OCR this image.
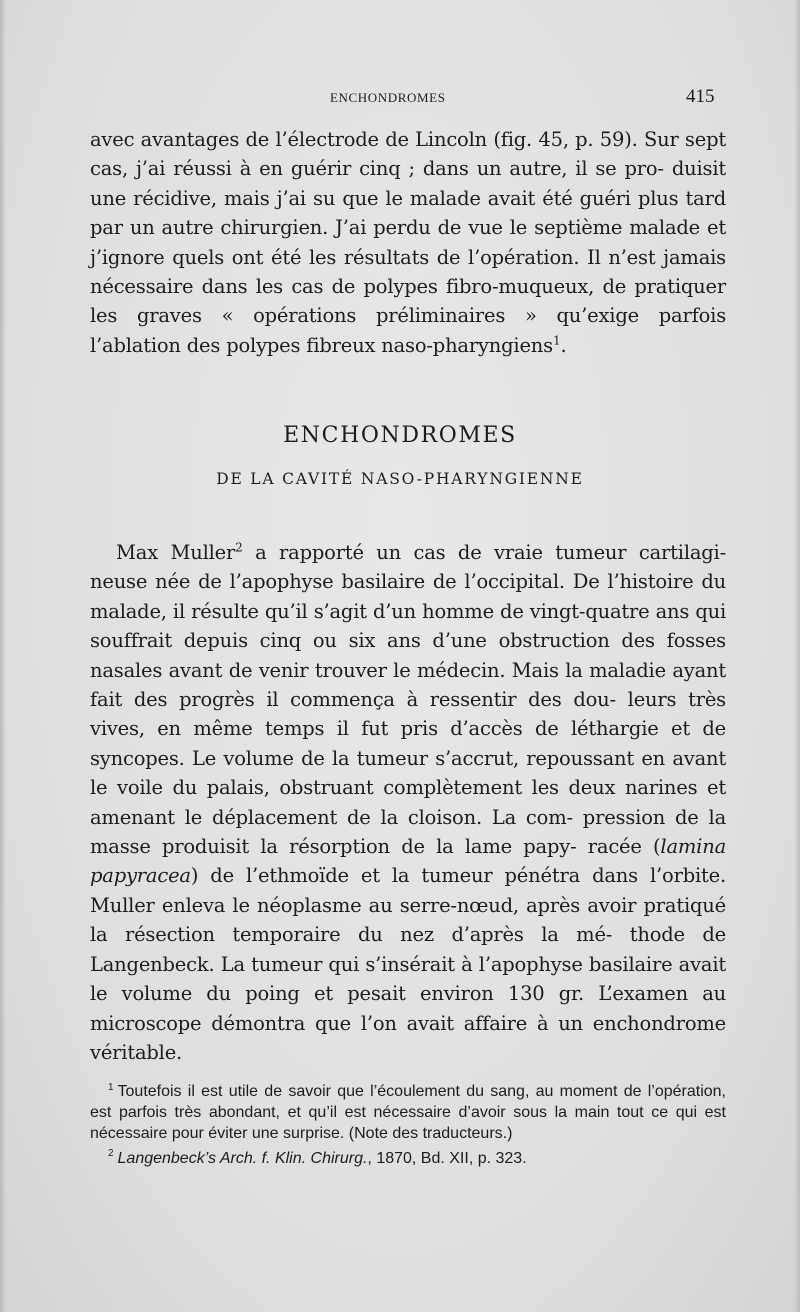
ENCHONDROMES	415

avec avantages de l’électrode de Lincoln (fig. 45, p. 59). Sur sept cas, j’ai réussi à en guérir cinq ; dans un autre, il se pro- duisit une récidive, mais j’ai su que le malade avait été guéri plus tard par un autre chirurgien. J’ai perdu de vue le septième malade et j’ignore quels ont été les résultats de l’opération. Il n’est jamais nécessaire dans les cas de polypes fibro-muqueux, de pratiquer les graves « opérations préliminaires » qu’exige parfois l’ablation des polypes fibreux naso-pharyngiens$^1$.

ENCHONDROMES
DE LA CAVITÉ NASO-PHARYNGIENNE

Max Muller$^2$ a rapporté un cas de vraie tumeur cartilagi- neuse née de l’apophyse basilaire de l’occipital. De l’histoire du malade, il résulte qu’il s’agit d’un homme de vingt-quatre ans qui souffrait depuis cinq ou six ans d’une obstruction des fosses nasales avant de venir trouver le médecin. Mais la maladie ayant fait des progrès il commença à ressentir des dou- leurs très vives, en même temps il fut pris d’accès de léthargie et de syncopes. Le volume de la tumeur s’accrut, repoussant en avant le voile du palais, obstruant complètement les deux narines et amenant le déplacement de la cloison. La com- pression de la masse produisit la résorption de la lame papy- racée (lamina papyracea) de l’ethmoïde et la tumeur pénétra dans l’orbite. Muller enleva le néoplasme au serre-nœud, après avoir pratiqué la résection temporaire du nez d’après la mé- thode de Langenbeck. La tumeur qui s’insérait à l’apophyse basilaire avait le volume du poing et pesait environ 130 gr. L’examen au microscope démontra que l’on avait affaire à un enchondrome véritable.

$^1$ Toutefois il est utile de savoir que l’écoulement du sang, au moment de l’opération, est parfois très abondant, et qu’il est nécessaire d’avoir sous la main tout ce qui est nécessaire pour éviter une surprise. (Note des traducteurs.)

$^2$ Langenbeck’s Arch. f. Klin. Chirurg., 1870, Bd. XII, p. 323.
